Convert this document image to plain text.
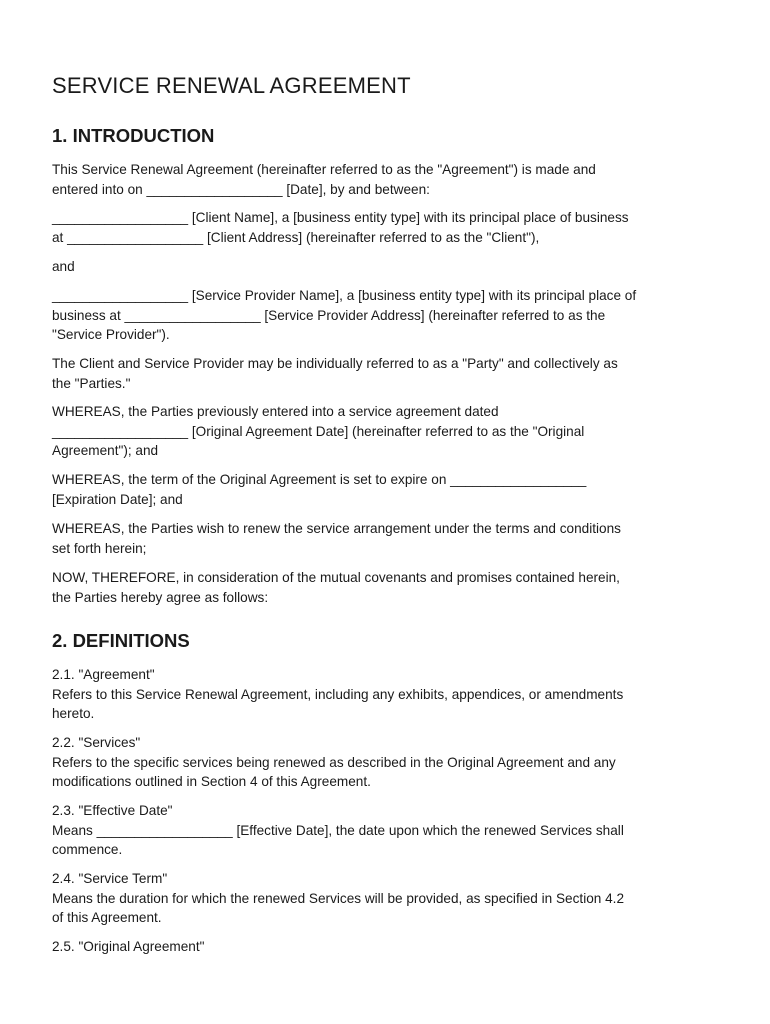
SERVICE RENEWAL AGREEMENT
1. INTRODUCTION

This Service Renewal Agreement (hereinafter referred to as the "Agreement") is made and
entered into on __________________ [Date], by and between:

__________________ [Client Name], a [business entity type] with its principal place of business
at __________________ [Client Address] (hereinafter referred to as the "Client"),

and

__________________ [Service Provider Name], a [business entity type] with its principal place of
business at __________________ [Service Provider Address] (hereinafter referred to as the
"Service Provider").

The Client and Service Provider may be individually referred to as a "Party" and collectively as
the "Parties."

WHEREAS, the Parties previously entered into a service agreement dated
__________________ [Original Agreement Date] (hereinafter referred to as the "Original
Agreement"); and

WHEREAS, the term of the Original Agreement is set to expire on __________________
[Expiration Date]; and

WHEREAS, the Parties wish to renew the service arrangement under the terms and conditions
set forth herein;

NOW, THEREFORE, in consideration of the mutual covenants and promises contained herein,
the Parties hereby agree as follows:

2. DEFINITIONS

2.1. "Agreement"
Refers to this Service Renewal Agreement, including any exhibits, appendices, or amendments
hereto.

2.2. "Services"
Refers to the specific services being renewed as described in the Original Agreement and any
modifications outlined in Section 4 of this Agreement.

2.3. "Effective Date"
Means __________________ [Effective Date], the date upon which the renewed Services shall
commence.

2.4. "Service Term"
Means the duration for which the renewed Services will be provided, as specified in Section 4.2
of this Agreement.

2.5. "Original Agreement"
